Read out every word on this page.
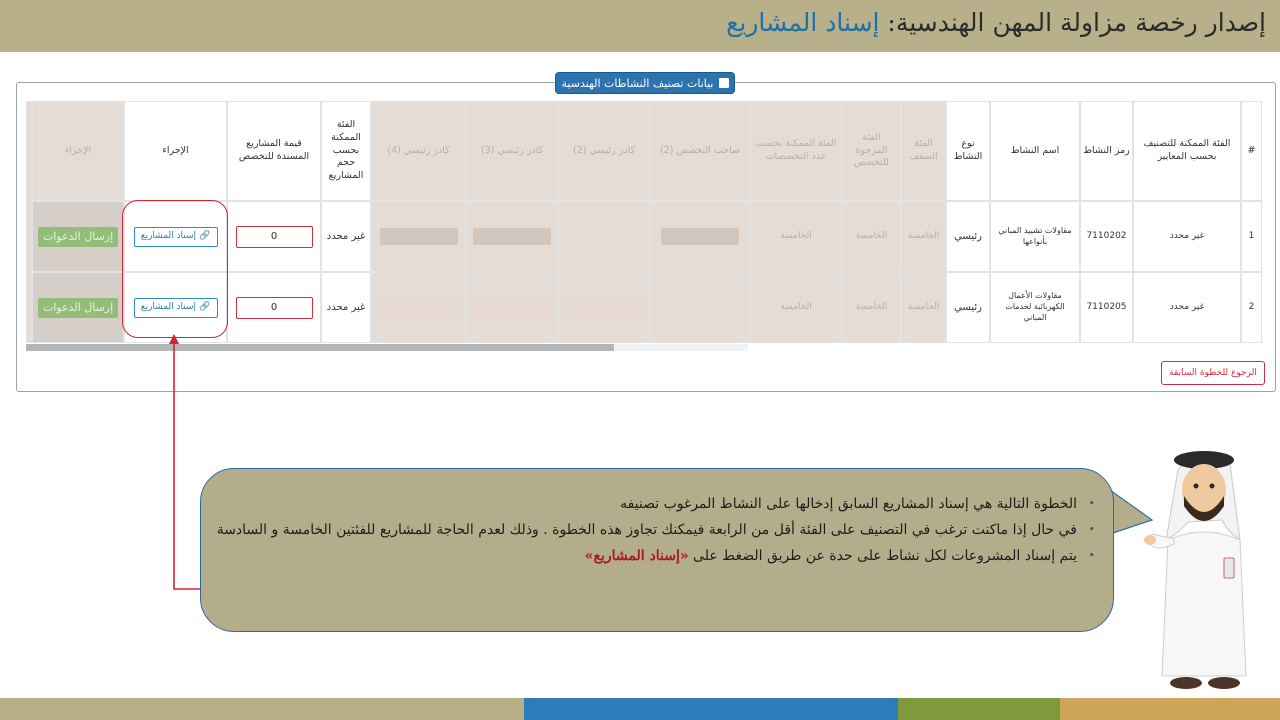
إصدار رخصة مزاولة المهن الهندسية: إسناد المشاريع
بيانات تصنيف النشاطات الهندسية
#
الفئة الممكنة للتصنيف بحسب المعايير
رمز النشاط
اسم النشاط
نوع النشاط
الفئة السقف
الفئة المرجوة للتخصص
الفئة الممكنة بحسب عدد التخصصات
صاحب التخصص (2)
كادر رئيسي (2)
كادر رئيسي (3)
كادر رئيسي (4)
الفئة الممكنة بحسب حجم المشاريع
قيمة المشاريع المسندة للتخصص
الإجراء
الإجراء
1
غير محدد
7110202
مقاولات تشييد المباني بأنواعها
رئيسي
الخامسة
الخامسة
الخامسة
غير محدد
0
🔗
إسناد المشاريع
إرسال الدعوات
2
غير محدد
7110205
مقاولات الأعمال الكهربائية لخدمات المباني
رئيسي
الخامسة
الخامسة
الخامسة
غير محدد
0
🔗
إسناد المشاريع
إرسال الدعوات
الرجوع للخطوة السابقة
• الخطوة التالية هي إسناد المشاريع السابق إدخالها على النشاط المرغوب تصنيفه
• في حال إذا ماكنت ترغب في التصنيف على الفئة أقل من الرابعة فيمكنك تجاوز هذه الخطوة . وذلك لعدم الحاجة للمشاريع للفئتين الخامسة و السادسة
• يتم إسناد المشروعات لكل نشاط على حدة عن طريق الضغط على «إسناد المشاريع»
